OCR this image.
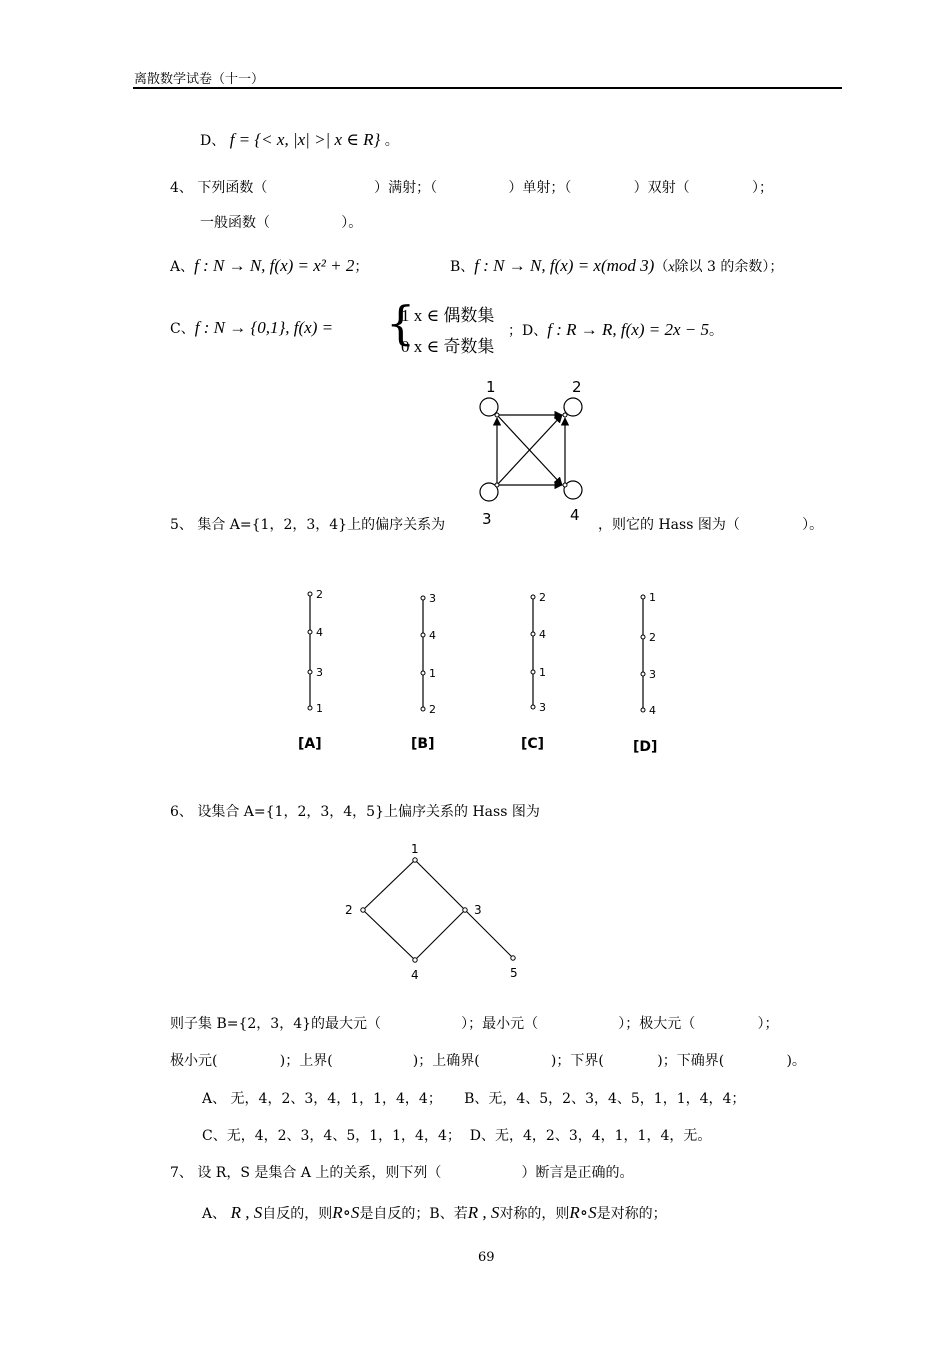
离散数学试卷（十一）
D、 f = {< x, |x| >| x ∈ R} 。
4、 下列函数（                        ）满射；（                ）单射；（              ）双射（              ）；
一般函数（                ）。
A、f : N → N, f(x) = x² + 2；	B、f : N → N, f(x) = x(mod 3)（x除以 3 的余数）；
C、f : N → {0,1}, f(x) = {
1 x ∈ 偶数集
0 x ∈ 奇数集
；D、f : R → R, f(x) = 2x − 5。
1	2
3	4
5、 集合 A={1，2，3，4}上的偏序关系为	，则它的 Hass 图为（              ）。
2
4
3
1
[A]
3
4
1
2
[B]
2
4
1
3
[C]
1
2
3
4
[D]
6、 设集合 A={1，2，3，4，5}上偏序关系的 Hass 图为
1
2	3
4	5
则子集 B={2，3，4}的最大元（                  ）；最小元（                  ）；极大元（              ）；
极小元(              )；上界(                  )；上确界(                )；下界(            )；下确界(              )。
A、 无，4，2、3，4，1，1，4，4；     B、无，4、5，2、3，4、5，1，1，4，4；
C、无，4，2、3，4、5，1，1，4，4；  D、无，4，2、3，4，1，1，4，无。
7、 设 R，S 是集合 A 上的关系，则下列（                  ）断言是正确的。
A、 R , S自反的，则R∘S是自反的；B、若R , S对称的，则R∘S是对称的；
69
